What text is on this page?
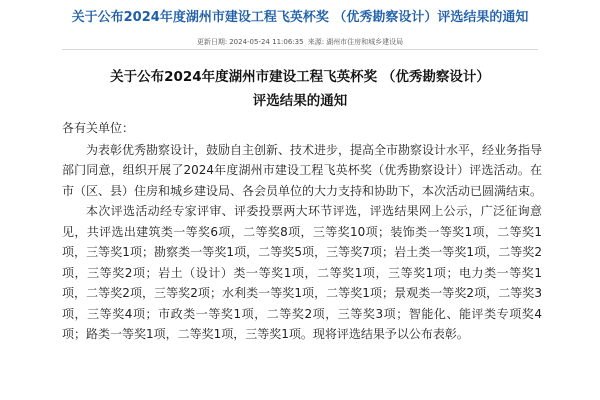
关于公布2024年度湖州市建设工程飞英杯奖 （优秀勘察设计）评选结果的通知
更新日期: 2024-05-24 11:06:35 来源: 湖州市住房和城乡建设局
关于公布2024年度湖州市建设工程飞英杯奖 （优秀勘察设计）
评选结果的通知

各有关单位：

为表彰优秀勘察设计，鼓励自主创新、技术进步，提高全市勘察设计水平，经业务指导部门同意，组织开展了2024年度湖州市建设工程飞英杯奖（优秀勘察设计）评选活动。在市（区、县）住房和城乡建设局、各会员单位的大力支持和协助下，本次活动已圆满结束。

本次评选活动经专家评审、评委投票两大环节评选，评选结果网上公示，广泛征询意见，共评选出建筑类一等奖6项，二等奖8项，三等奖10项；装饰类一等奖1项，二等奖1项，三等奖1项；勘察类一等奖1项，二等奖5项，三等奖7项；岩土类一等奖1项，二等奖2项，三等奖2项；岩土（设计）类一等奖1项，二等奖1项，三等奖1项；电力类一等奖1项，二等奖2项，三等奖2项；水利类一等奖1项，二等奖1项；景观类一等奖2项，二等奖3项，三等奖4项；市政类一等奖1项，二等奖2项，三等奖3项；智能化、能评类专项奖4项；路类一等奖1项，二等奖1项，三等奖1项。现将评选结果予以公布表彰。
